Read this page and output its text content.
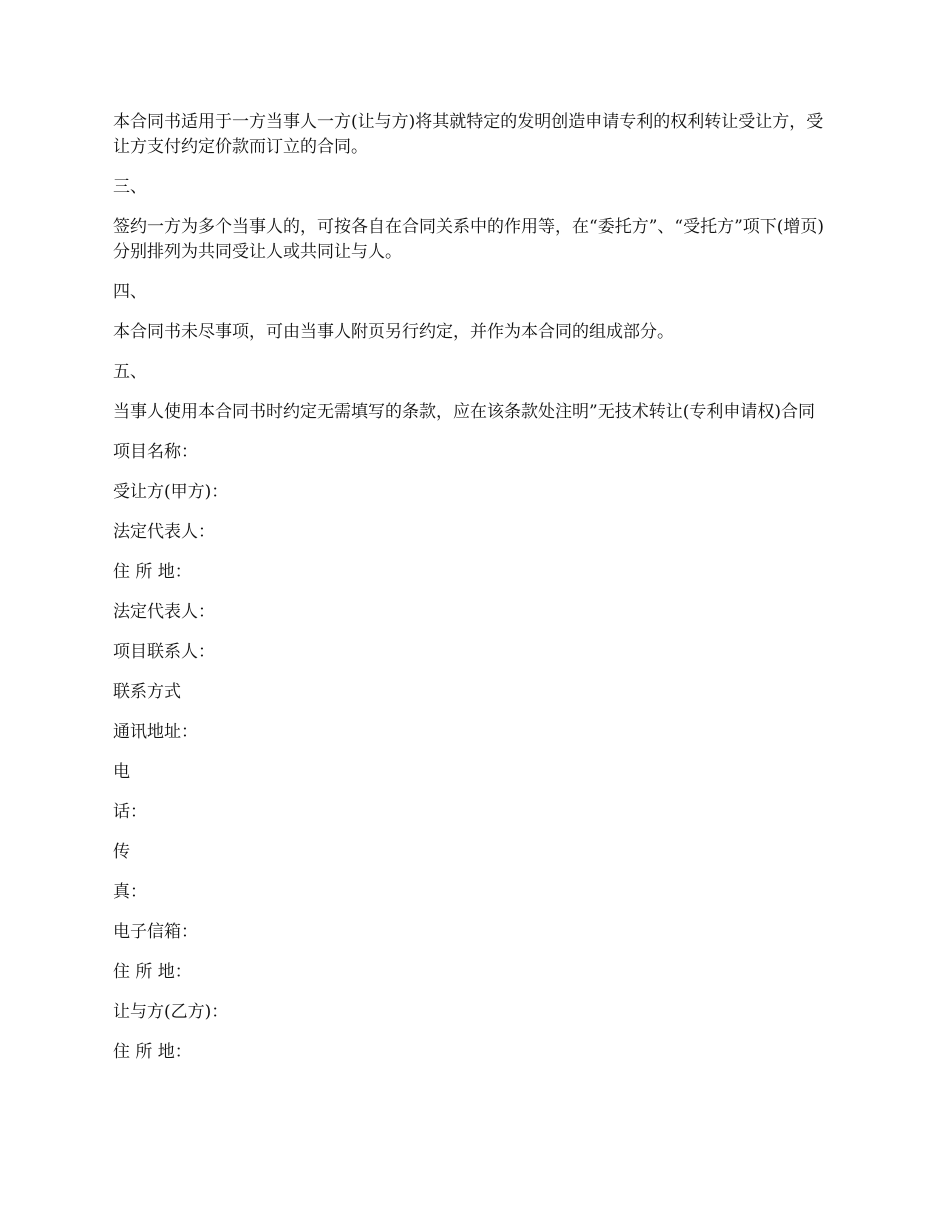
本合同书适用于一方当事人一方(让与方)将其就特定的发明创造申请专利的权利转让受让方，受让方支付约定价款而订立的合同。

三、

签约一方为多个当事人的，可按各自在合同关系中的作用等，在“委托方”、“受托方”项下(增页)分别排列为共同受让人或共同让与人。

四、

本合同书未尽事项，可由当事人附页另行约定，并作为本合同的组成部分。

五、

当事人使用本合同书时约定无需填写的条款，应在该条款处注明”无技术转让(专利申请权)合同

项目名称：

受让方(甲方)：

法定代表人：

住 所 地：

法定代表人：

项目联系人：

联系方式

通讯地址：

电

话：

传

真：

电子信箱：

住 所 地：

让与方(乙方)：

住 所 地：
